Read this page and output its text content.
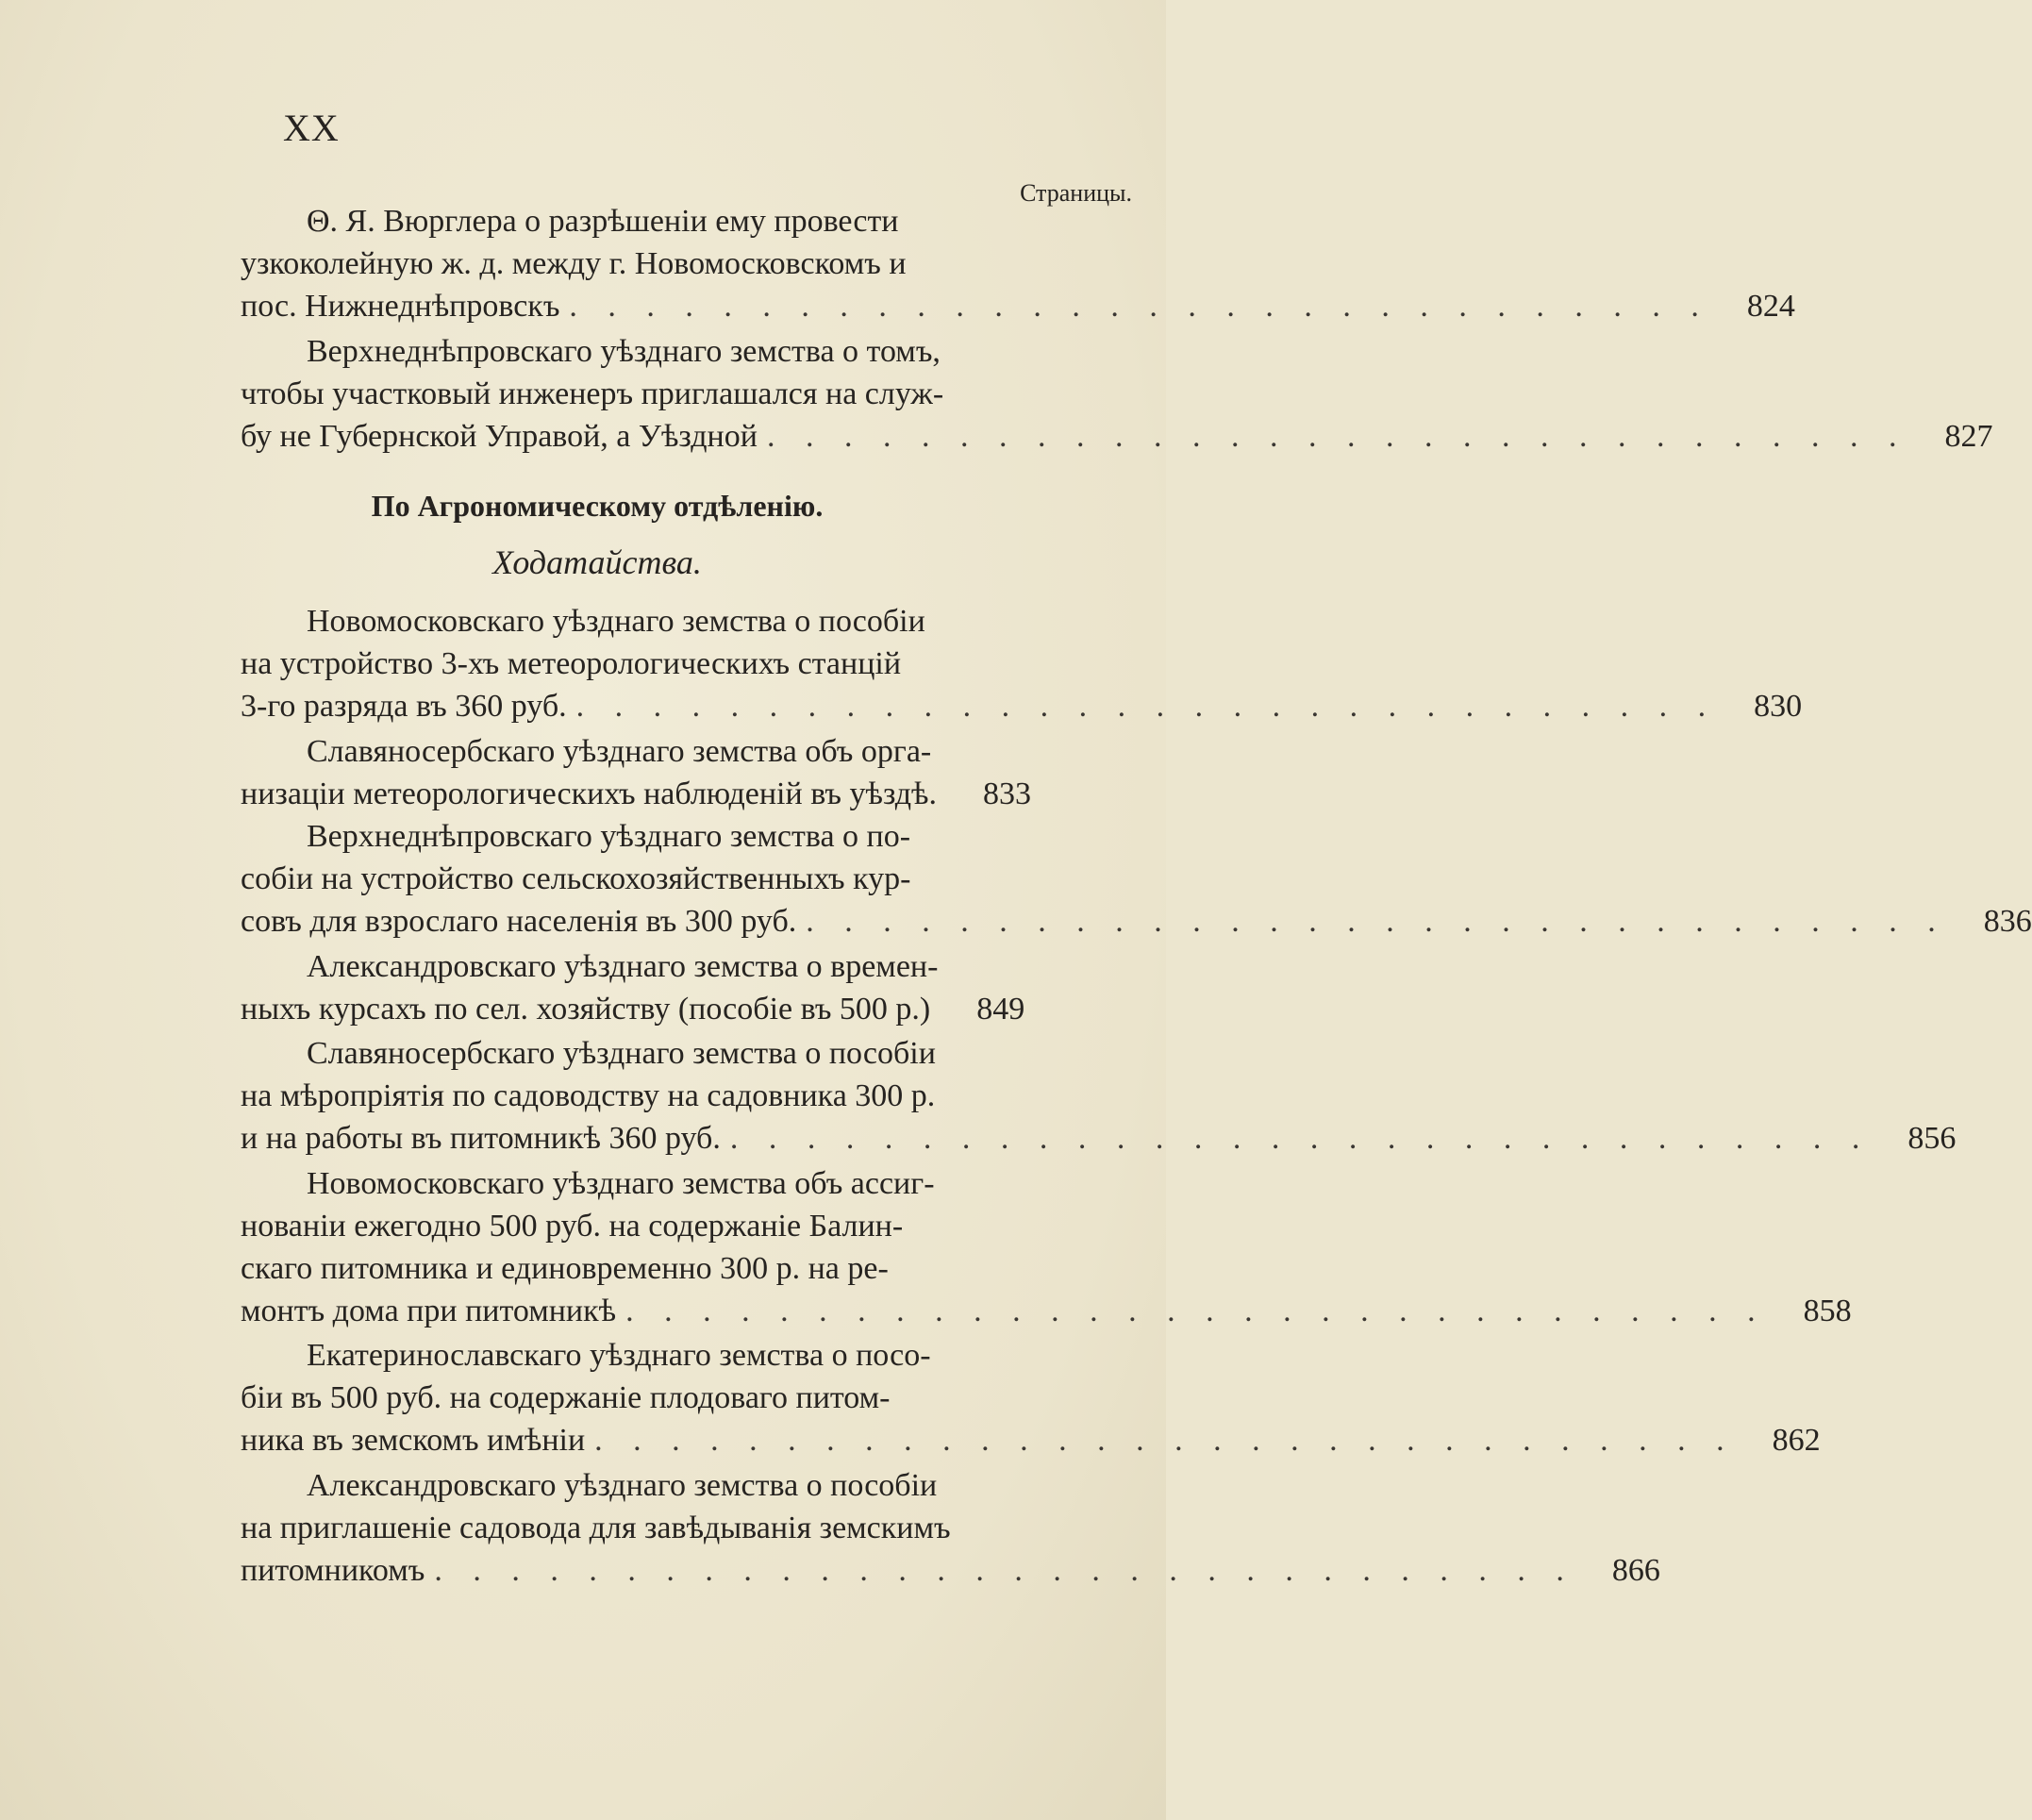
XX
Страницы.
Θ. Я. Вюрглера о разрѣшеніи ему провести
узкоколейную ж. д. между г. Новомосковскомъ и
пос. Нижнеднѣпровскъ . . . . . . . . . . . . . . . . . . . . . . . . . . . . . .	824
Верхнеднѣпровскаго уѣзднаго земства о томъ,
чтобы участковый инженеръ приглашался на служ-
бу не Губернской Управой, а Уѣздной . . . . . . . . . . . . . . . . . . . . . . . . . . . . . .	827
По Агрономическому отдѣленію.
Ходатайства.
Новомосковскаго уѣзднаго земства о пособіи
на устройство 3-хъ метеорологическихъ станцій
3-го разряда въ 360 руб. . . . . . . . . . . . . . . . . . . . . . . . . . . . . . .	830
Славяносербскаго уѣзднаго земства объ орга-
низаціи метеорологическихъ наблюденій въ уѣздѣ.	833
Верхнеднѣпровскаго уѣзднаго земства о по-
собіи на устройство сельскохозяйственныхъ кур-
совъ для взрослаго населенія въ 300 руб. . . . . . . . . . . . . . . . . . . . . . . . . . . . . . .	836
Александровскаго уѣзднаго земства о времен-
ныхъ курсахъ по сел. хозяйству (пособіе въ 500 р.)	849
Славяносербскаго уѣзднаго земства о пособіи
на мѣропріятія по садоводству на садовника 300 р.
и на работы въ питомникѣ 360 руб. . . . . . . . . . . . . . . . . . . . . . . . . . . . . . .	856
Новомосковскаго уѣзднаго земства объ ассиг-
нованіи ежегодно 500 руб. на содержаніе Балин-
скаго питомника и единовременно 300 р. на ре-
монтъ дома при питомникѣ . . . . . . . . . . . . . . . . . . . . . . . . . . . . . .	858
Екатеринославскаго уѣзднаго земства о посо-
біи въ 500 руб. на содержаніе плодоваго питом-
ника въ земскомъ имѣніи . . . . . . . . . . . . . . . . . . . . . . . . . . . . . .	862
Александровскаго уѣзднаго земства о пособіи
на приглашеніе садовода для завѣдыванія земскимъ
питомникомъ . . . . . . . . . . . . . . . . . . . . . . . . . . . . . .	866
